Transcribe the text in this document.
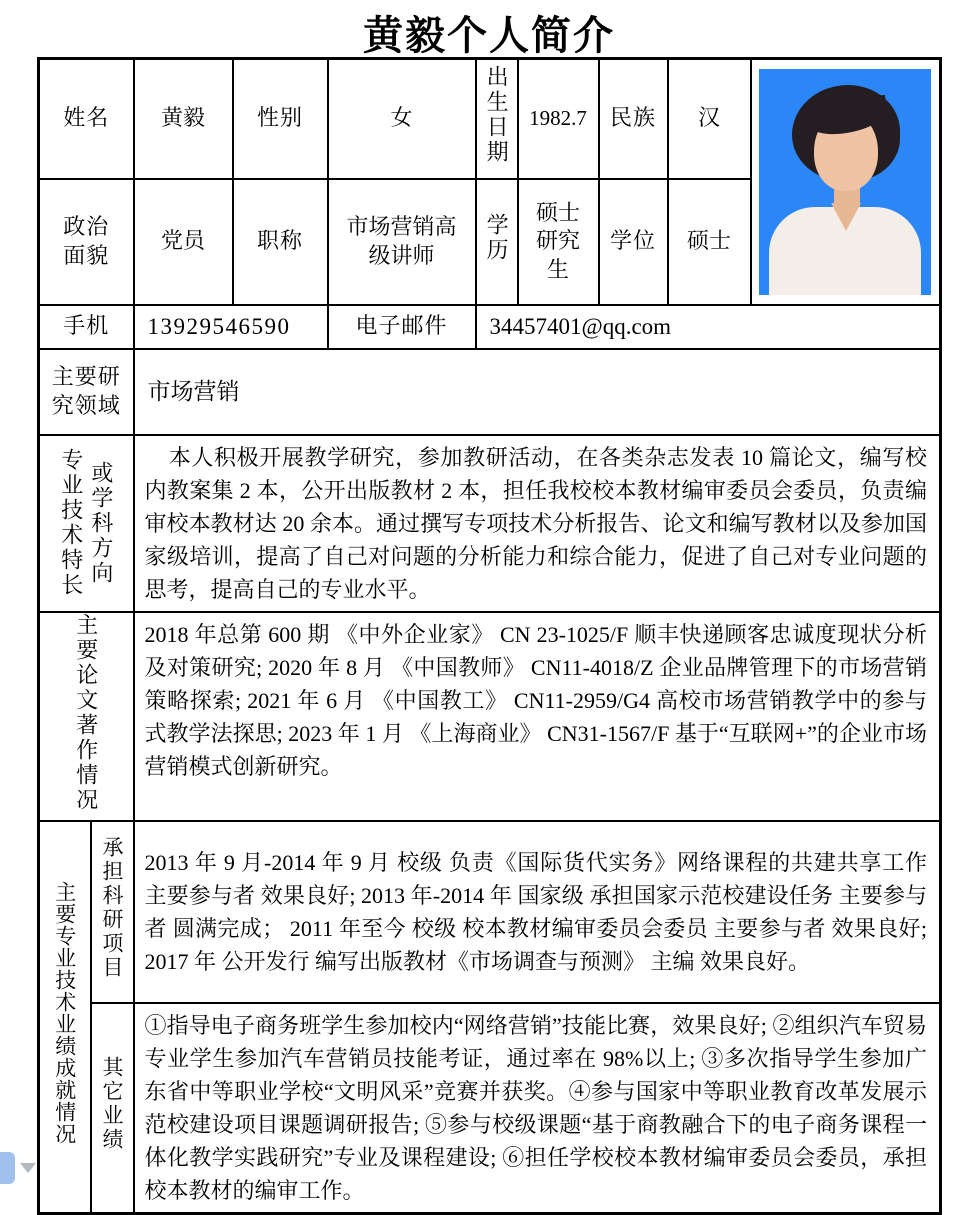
黄毅个人简介
姓名		黄毅	性别	女	出生日期	1982.7	民族	汉	

政治面貌		党员	职称	市场营销高级讲师	学历	硕士研究生	学位	硕士	
手机		13929546590		电子邮件	34457401@qq.com				

主要研究领域		市场营销							

专业技术特长 或学科方向		本人积极开展教学研究，参加教研活动，在各类杂志发表 10 篇论文，编写校内教案集 2 本，公开出版教材 2 本，担任我校校本教材编审委员会委员，负责编审校本教材达 20 余本。通过撰写专项技术分析报告、论文和编写教材以及参加国家级培训，提高了自己对问题的分析能力和综合能力，促进了自己对专业问题的思考，提高自己的专业水平。							

主要论文著作情况		2018 年总第 600 期 《中外企业家》 CN 23-1025/F 顺丰快递顾客忠诚度现状分析及对策研究; 2020 年 8 月 《中国教师》 CN11-4018/Z 企业品牌管理下的市场营销策略探索; 2021 年 6 月 《中国教工》 CN11-2959/G4 高校市场营销教学中的参与式教学法探思; 2023 年 1 月 《上海商业》 CN31-1567/F 基于“互联网+”的企业市场营销模式创新研究。							

主要专业技术业绩成就情况	承担科研项目	2013 年 9 月-2014 年 9 月 校级 负责《国际货代实务》网络课程的共建共享工作 主要参与者 效果良好; 2013 年-2014 年 国家级 承担国家示范校建设任务 主要参与者 圆满完成； 2011 年至今 校级 校本教材编审委员会委员 主要参与者 效果良好; 2017 年 公开发行 编写出版教材《市场调查与预测》 主编 效果良好。							

	其它业绩	①指导电子商务班学生参加校内“网络营销”技能比赛，效果良好; ②组织汽车贸易专业学生参加汽车营销员技能考证，通过率在 98%以上; ③多次指导学生参加广东省中等职业学校“文明风采”竞赛并获奖。④参与国家中等职业教育改革发展示范校建设项目课题调研报告; ⑤参与校级课题“基于商教融合下的电子商务课程一体化教学实践研究”专业及课程建设; ⑥担任学校校本教材编审委员会委员，承担校本教材的编审工作。							
